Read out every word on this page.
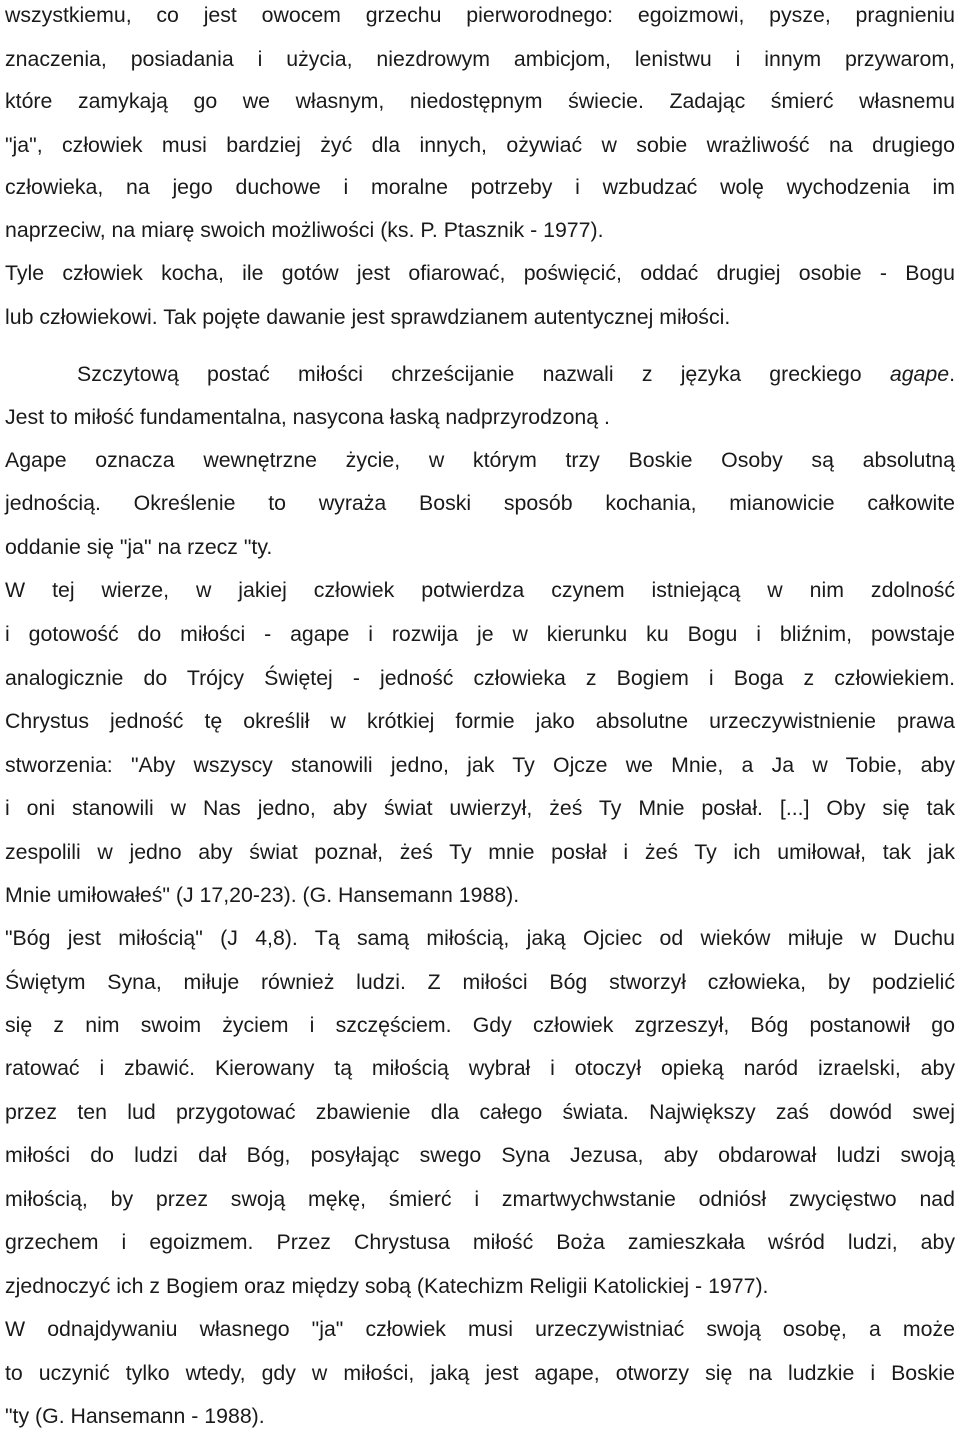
wszystkiemu, co jest owocem grzechu pierworodnego: egoizmowi, pysze, pragnieniu
znaczenia, posiadania i użycia, niezdrowym ambicjom, lenistwu i innym przywarom,
które zamykają go we własnym, niedostępnym świecie. Zadając śmierć własnemu
"ja", człowiek musi bardziej żyć dla innych, ożywiać w sobie wrażliwość na drugiego
człowieka, na jego duchowe i moralne potrzeby i wzbudzać wolę wychodzenia im
naprzeciw, na miarę swoich możliwości (ks. P. Ptasznik - 1977).
Tyle człowiek kocha, ile gotów jest ofiarować, poświęcić, oddać drugiej osobie - Bogu
lub człowiekowi. Tak pojęte dawanie jest sprawdzianem autentycznej miłości.
Szczytową postać miłości chrześcijanie nazwali z języka greckiego agape.
Jest to miłość fundamentalna, nasycona łaską nadprzyrodzoną .
Agape oznacza wewnętrzne życie, w którym trzy Boskie Osoby są absolutną
jednością. Określenie to wyraża Boski sposób kochania, mianowicie całkowite
oddanie się "ja" na rzecz "ty.
W tej wierze, w jakiej człowiek potwierdza czynem istniejącą w nim zdolność
i gotowość do miłości - agape i rozwija je w kierunku ku Bogu i bliźnim, powstaje
analogicznie do Trójcy Świętej - jedność człowieka z Bogiem i Boga z człowiekiem.
Chrystus jedność tę określił w krótkiej formie jako absolutne urzeczywistnienie prawa
stworzenia: "Aby wszyscy stanowili jedno, jak Ty Ojcze we Mnie, a Ja w Tobie, aby
i oni stanowili w Nas jedno, aby świat uwierzył, żeś Ty Mnie posłał. [...] Oby się tak
zespolili w jedno aby świat poznał, żeś Ty mnie posłał i żeś Ty ich umiłował, tak jak
Mnie umiłowałeś" (J 17,20-23). (G. Hansemann 1988).
"Bóg jest miłością" (J 4,8). Tą samą miłością, jaką Ojciec od wieków miłuje w Duchu
Świętym Syna, miłuje również ludzi. Z miłości Bóg stworzył człowieka, by podzielić
się z nim swoim życiem i szczęściem. Gdy człowiek zgrzeszył, Bóg postanowił go
ratować i zbawić. Kierowany tą miłością wybrał i otoczył opieką naród izraelski, aby
przez ten lud przygotować zbawienie dla całego świata. Największy zaś dowód swej
miłości do ludzi dał Bóg, posyłając swego Syna Jezusa, aby obdarował ludzi swoją
miłością, by przez swoją mękę, śmierć i zmartwychwstanie odniósł zwycięstwo nad
grzechem i egoizmem. Przez Chrystusa miłość Boża zamieszkała wśród ludzi, aby
zjednoczyć ich z Bogiem oraz między sobą (Katechizm Religii Katolickiej - 1977).
W odnajdywaniu własnego "ja" człowiek musi urzeczywistniać swoją osobę, a może
to uczynić tylko wtedy, gdy w miłości, jaką jest agape, otworzy się na ludzkie i Boskie
"ty (G. Hansemann - 1988).
